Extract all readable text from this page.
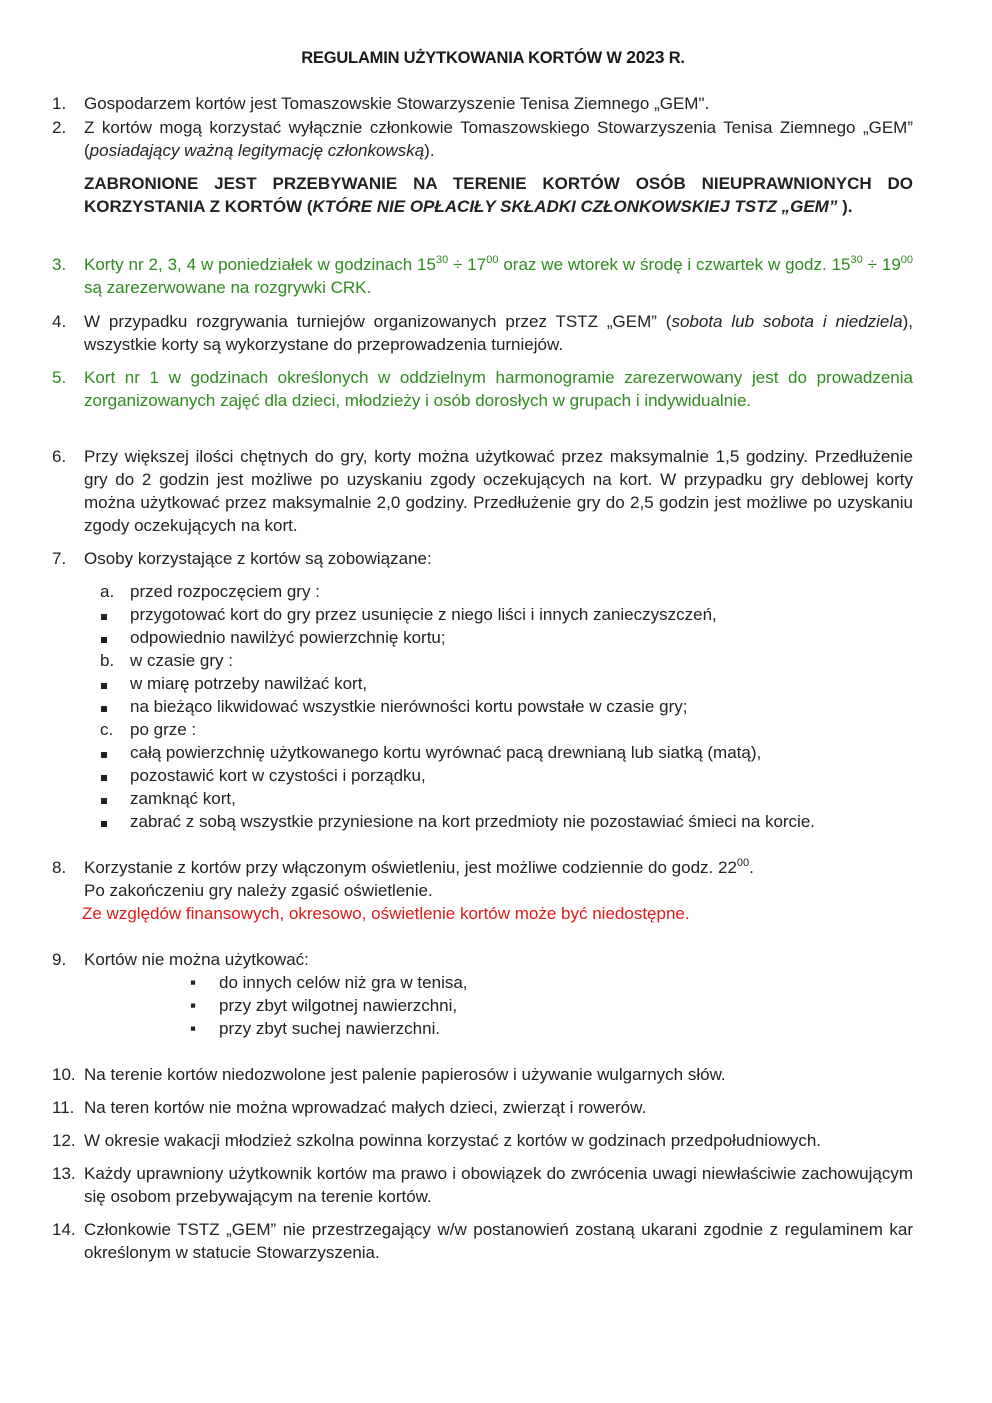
REGULAMIN UŻYTKOWANIA KORTÓW W 2023 R.
1. Gospodarzem kortów jest Tomaszowskie Stowarzyszenie Tenisa Ziemnego „GEM".
2. Z kortów mogą korzystać wyłącznie członkowie Tomaszowskiego Stowarzyszenia Tenisa Ziemnego „GEM” (posiadający ważną legitymację członkowską).
ZABRONIONE JEST PRZEBYWANIE NA TERENIE KORTÓW OSÓB NIEUPRAWNIONYCH DO KORZYSTANIA Z KORTÓW (KTÓRE NIE OPŁACIŁY SKŁADKI CZŁONKOWSKIEJ TSTZ „GEM” ).
3. Korty nr 2, 3, 4 w poniedziałek w godzinach $15^{30} \div 17^{00}$ oraz we wtorek w środę i czwartek w godz. $15^{30} \div 19^{00}$ są zarezerwowane na rozgrywki CRK.
4. W przypadku rozgrywania turniejów organizowanych przez TSTZ „GEM” (sobota lub sobota i niedziela), wszystkie korty są wykorzystane do przeprowadzenia turniejów.
5. Kort nr 1 w godzinach określonych w oddzielnym harmonogramie zarezerwowany jest do prowadzenia zorganizowanych zajęć dla dzieci, młodzieży i osób dorosłych w grupach i indywidualnie.
6. Przy większej ilości chętnych do gry, korty można użytkować przez maksymalnie 1,5 godziny. Przedłużenie gry do 2 godzin jest możliwe po uzyskaniu zgody oczekujących na kort. W przypadku gry deblowej korty można użytkować przez maksymalnie 2,0 godziny. Przedłużenie gry do 2,5 godzin jest możliwe po uzyskaniu zgody oczekujących na kort.
7. Osoby korzystające z kortów są zobowiązane:
a. przed rozpoczęciem gry :
przygotować kort do gry przez usunięcie z niego liści i innych zanieczyszczeń,
odpowiednio nawilżyć powierzchnię kortu;
b. w czasie gry :
w miarę potrzeby nawilżać kort,
na bieżąco likwidować wszystkie nierówności kortu powstałe w czasie gry;
c. po grze :
całą powierzchnię użytkowanego kortu wyrównać pacą drewnianą lub siatką (matą),
pozostawić kort w czystości i porządku,
zamknąć kort,
zabrać z sobą wszystkie przyniesione na kort przedmioty nie pozostawiać śmieci na korcie.
8. Korzystanie z kortów przy włączonym oświetleniu, jest możliwe codziennie do godz. $22^{00}$.
Po zakończeniu gry należy zgasić oświetlenie.
Ze względów finansowych, okresowo, oświetlenie kortów może być niedostępne.
9. Kortów nie można użytkować:
▪ do innych celów niż gra w tenisa,
▪ przy zbyt wilgotnej nawierzchni,
▪ przy zbyt suchej nawierzchni.
10. Na terenie kortów niedozwolone jest palenie papierosów i używanie wulgarnych słów.
11. Na teren kortów nie można wprowadzać małych dzieci, zwierząt i rowerów.
12. W okresie wakacji młodzież szkolna powinna korzystać z kortów w godzinach przedpołudniowych.
13. Każdy uprawniony użytkownik kortów ma prawo i obowiązek do zwrócenia uwagi niewłaściwie zachowującym się osobom przebywającym na terenie kortów.
14. Członkowie TSTZ „GEM” nie przestrzegający w/w postanowień zostaną ukarani zgodnie z regulaminem kar określonym w statucie Stowarzyszenia.
